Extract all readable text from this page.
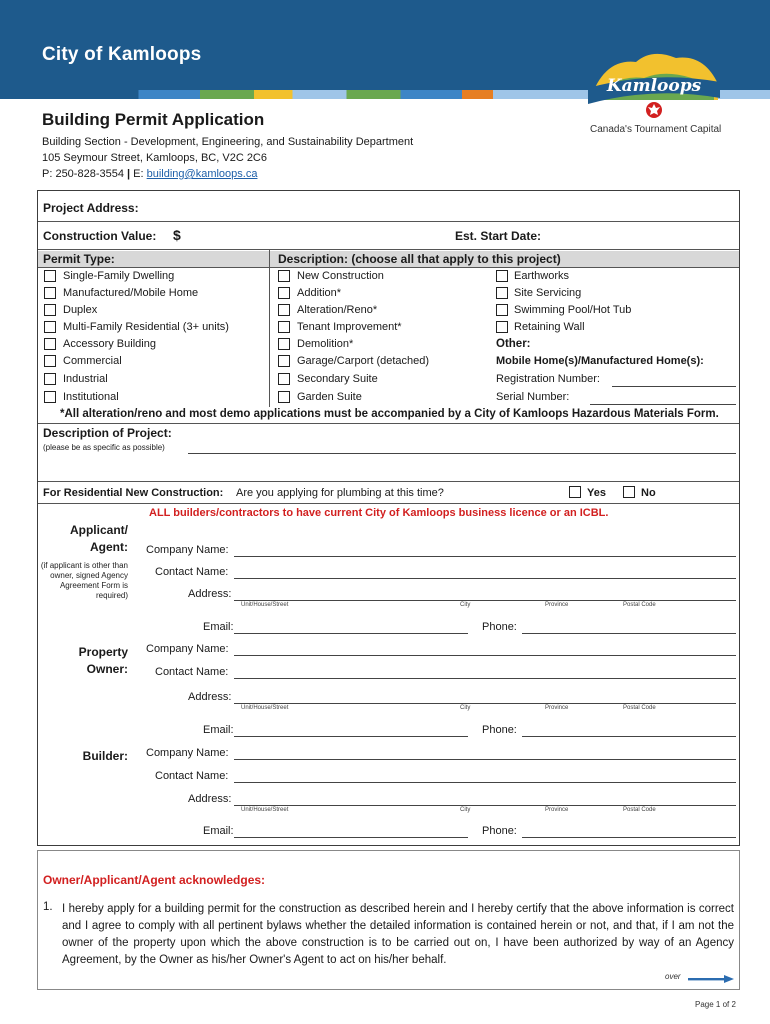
City of Kamloops
Kamloops
Canada's Tournament Capital
Building Permit Application
Building Section - Development, Engineering, and Sustainability Department
105 Seymour Street, Kamloops, BC, V2C 2C6
P: 250-828-3554 | E: building@kamloops.ca
Project Address:
Construction Value: $	Est. Start Date:
Permit Type:	Description: (choose all that apply to this project)
Single-Family Dwelling
Manufactured/Mobile Home
Duplex
Multi-Family Residential (3+ units)
Accessory Building
Commercial
Industrial
Institutional
New Construction
Addition*
Alteration/Reno*
Tenant Improvement*
Demolition*
Garage/Carport (detached)
Secondary Suite
Garden Suite
Earthworks
Site Servicing
Swimming Pool/Hot Tub
Retaining Wall
Other:
Mobile Home(s)/Manufactured Home(s):
Registration Number:
Serial Number:
*All alteration/reno and most demo applications must be accompanied by a City of Kamloops Hazardous Materials Form.
Description of Project:
(please be as specific as possible)
For Residential New Construction: Are you applying for plumbing at this time?	Yes	No
ALL builders/contractors to have current City of Kamloops business licence or an ICBL.
Applicant/
Agent:
(if applicant is other than owner, signed Agency Agreement Form is required)
Company Name:
Contact Name:
Address:
Unit/House/Street	City	Province	Postal Code
Email:	Phone:
Property
Owner:
Company Name:
Contact Name:
Address:
Unit/House/Street	City	Province	Postal Code
Email:	Phone:
Builder: Company Name:
Contact Name:
Address:
Unit/House/Street	City	Province	Postal Code
Email:	Phone:
Owner/Applicant/Agent acknowledges:
1. I hereby apply for a building permit for the construction as described herein and I hereby certify that the above information is correct and I agree to comply with all pertinent bylaws whether the detailed information is contained herein or not, and that, if I am not the owner of the property upon which the above construction is to be carried out on, I have been authorized by way of an Agency Agreement, by the Owner as his/her Owner's Agent to act on his/her behalf.
over
Page 1 of 2
